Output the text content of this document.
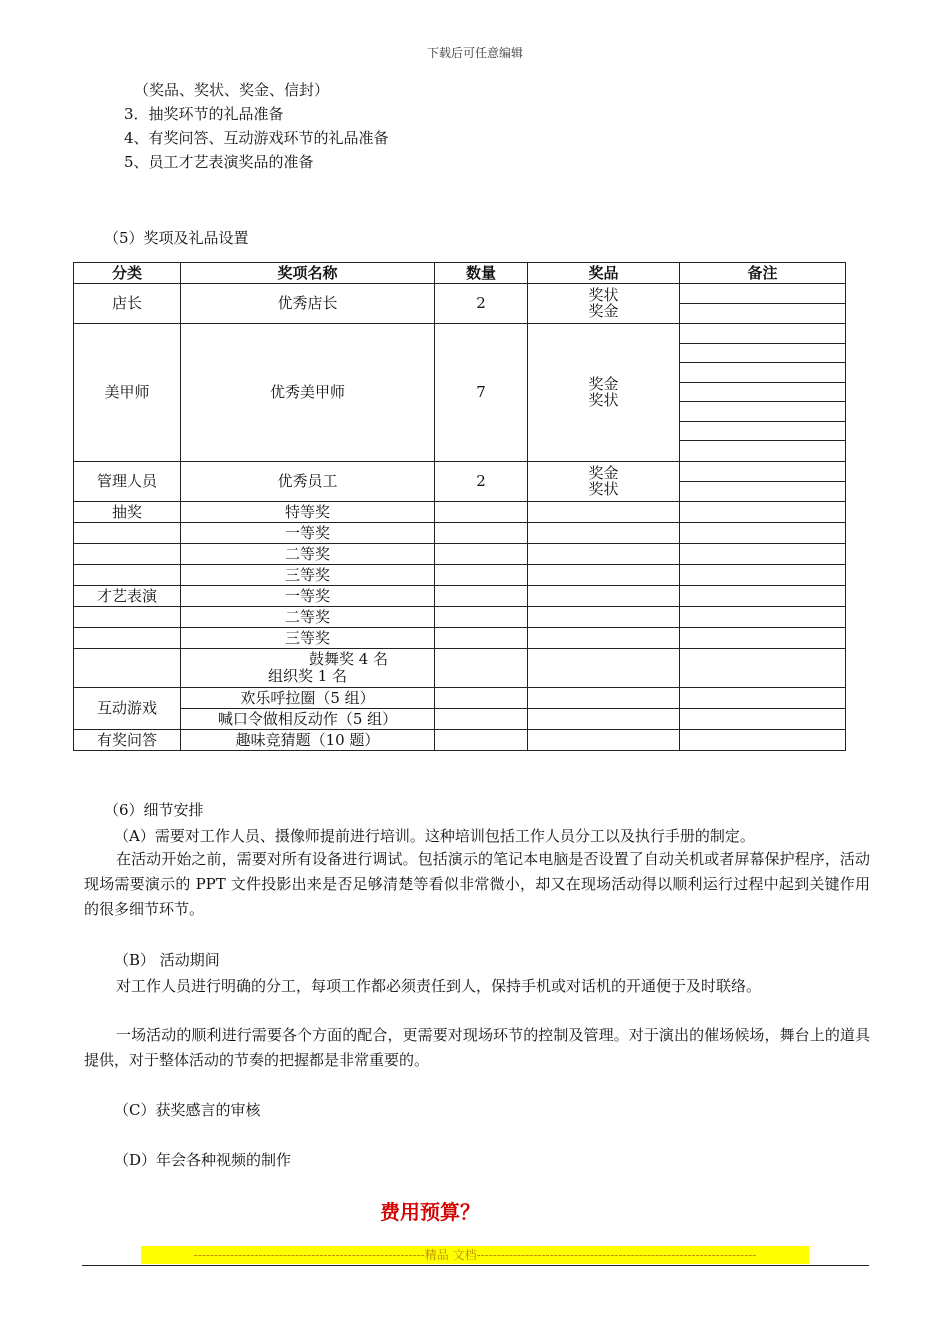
下载后可任意编辑
（奖品、奖状、奖金、信封）
3．抽奖环节的礼品准备
4、有奖问答、互动游戏环节的礼品准备
5、员工才艺表演奖品的准备
（5）奖项及礼品设置
分类	奖项名称	数量	奖品	备注
店长	优秀店长	2	奖状
奖金	

美甲师	优秀美甲师	7	奖金
奖状	

管理人员	优秀员工	2	奖金
奖状	

抽奖	特等奖			
	一等奖			
	二等奖			
	三等奖			
才艺表演	一等奖			
	二等奖			
	三等奖			

	鼓舞奖 4 名
组织奖 1 名			

互动游戏	欢乐呼拉圈（5 组）			
	喊口令做相反动作（5 组）			
有奖问答	趣味竞猜题（10 题）			
（6）细节安排
（A）需要对工作人员、摄像师提前进行培训。这种培训包括工作人员分工以及执行手册的制定。
在活动开始之前，需要对所有设备进行调试。包括演示的笔记本电脑是否设置了自动关机或者屏幕保护程序，活动现场需要演示的 PPT 文件投影出来是否足够清楚等看似非常微小，却又在现场活动得以顺利运行过程中起到关键作用的很多细节环节。
（B） 活动期间
对工作人员进行明确的分工，每项工作都必须责任到人，保持手机或对话机的开通便于及时联络。
一场活动的顺利进行需要各个方面的配合，更需要对现场环节的控制及管理。对于演出的催场候场，舞台上的道具提供，对于整体活动的节奏的把握都是非常重要的。
（C）获奖感言的审核
（D）年会各种视频的制作
费用预算？
---------------------------------------------------------精品 文档---------------------------------------------------------------------
